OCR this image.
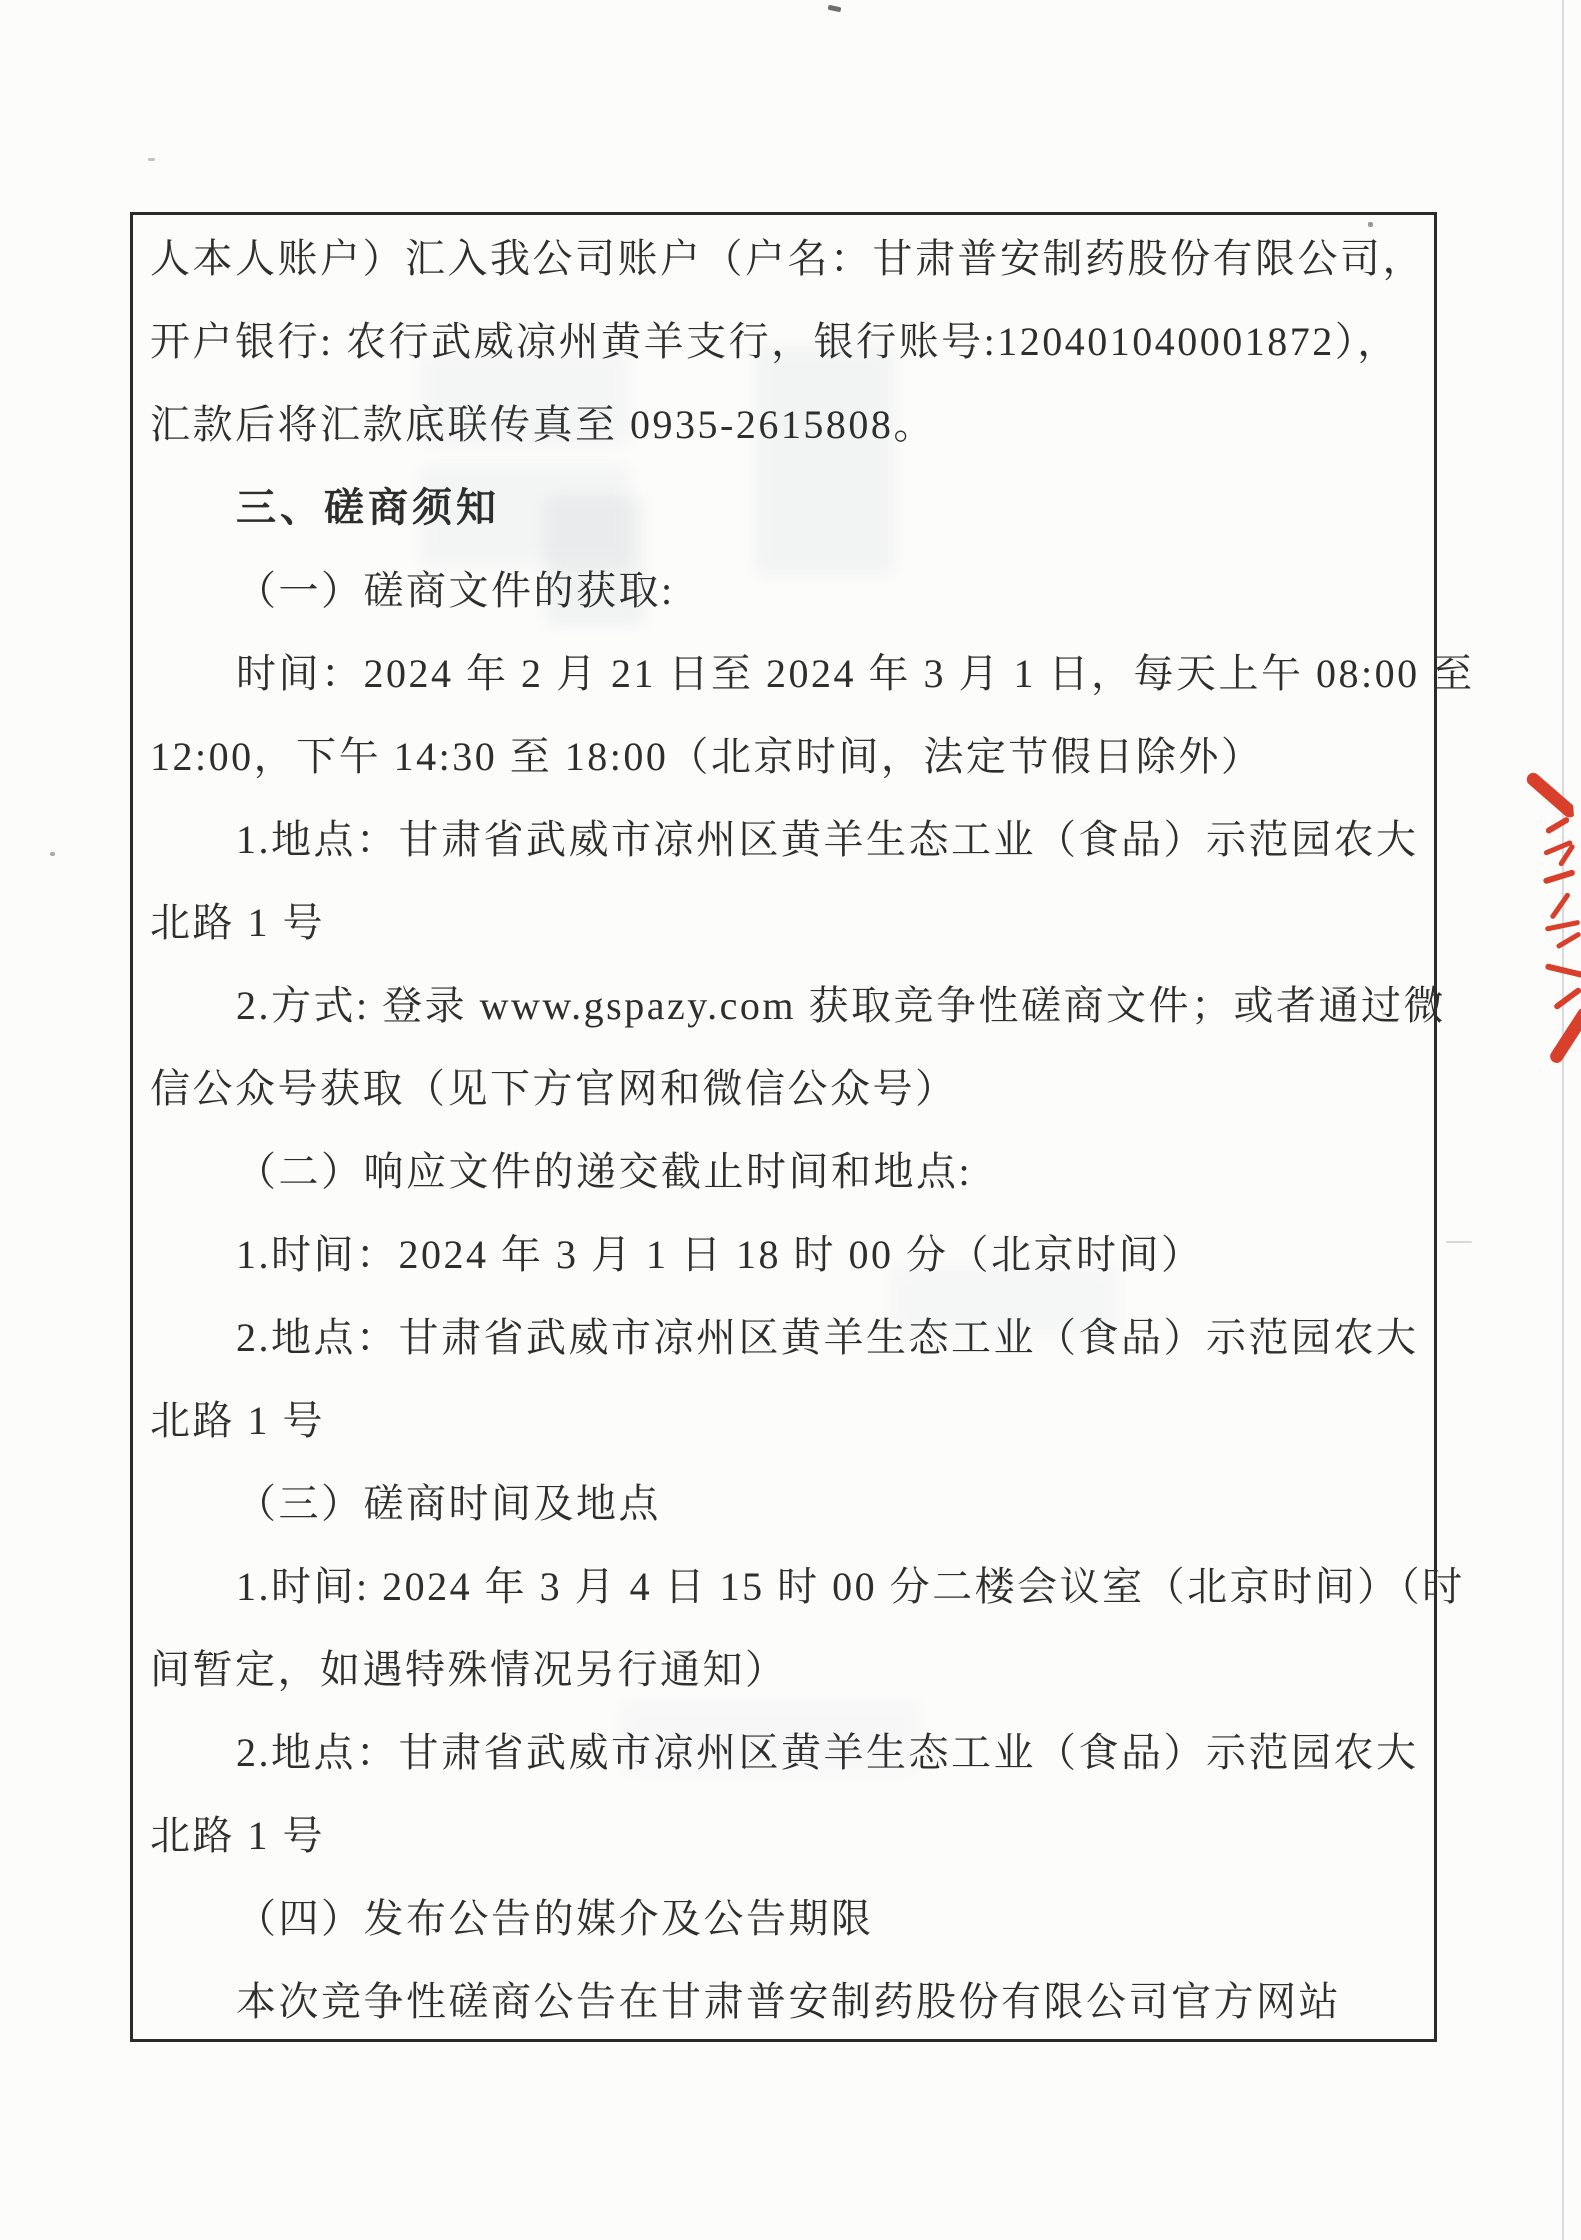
人本人账户）汇入我公司账户（户名：甘肃普安制药股份有限公司，
开户银行: 农行武威凉州黄羊支行，银行账号:120401040001872），
汇款后将汇款底联传真至 0935-2615808。
三、磋商须知
（一）磋商文件的获取:
时间：2024 年 2 月 21 日至 2024 年 3 月 1 日，每天上午 08:00 至
12:00，下午 14:30 至 18:00（北京时间，法定节假日除外）
1.地点：甘肃省武威市凉州区黄羊生态工业（食品）示范园农大
北路 1 号
2.方式: 登录 www.gspazy.com 获取竞争性磋商文件；或者通过微
信公众号获取（见下方官网和微信公众号）
（二）响应文件的递交截止时间和地点:
1.时间：2024 年 3 月 1 日 18 时 00 分（北京时间）
2.地点：甘肃省武威市凉州区黄羊生态工业（食品）示范园农大
北路 1 号
（三）磋商时间及地点
1.时间: 2024 年 3 月 4 日 15 时 00 分二楼会议室（北京时间）（时
间暂定，如遇特殊情况另行通知）
2.地点：甘肃省武威市凉州区黄羊生态工业（食品）示范园农大
北路 1 号
（四）发布公告的媒介及公告期限
本次竞争性磋商公告在甘肃普安制药股份有限公司官方网站
